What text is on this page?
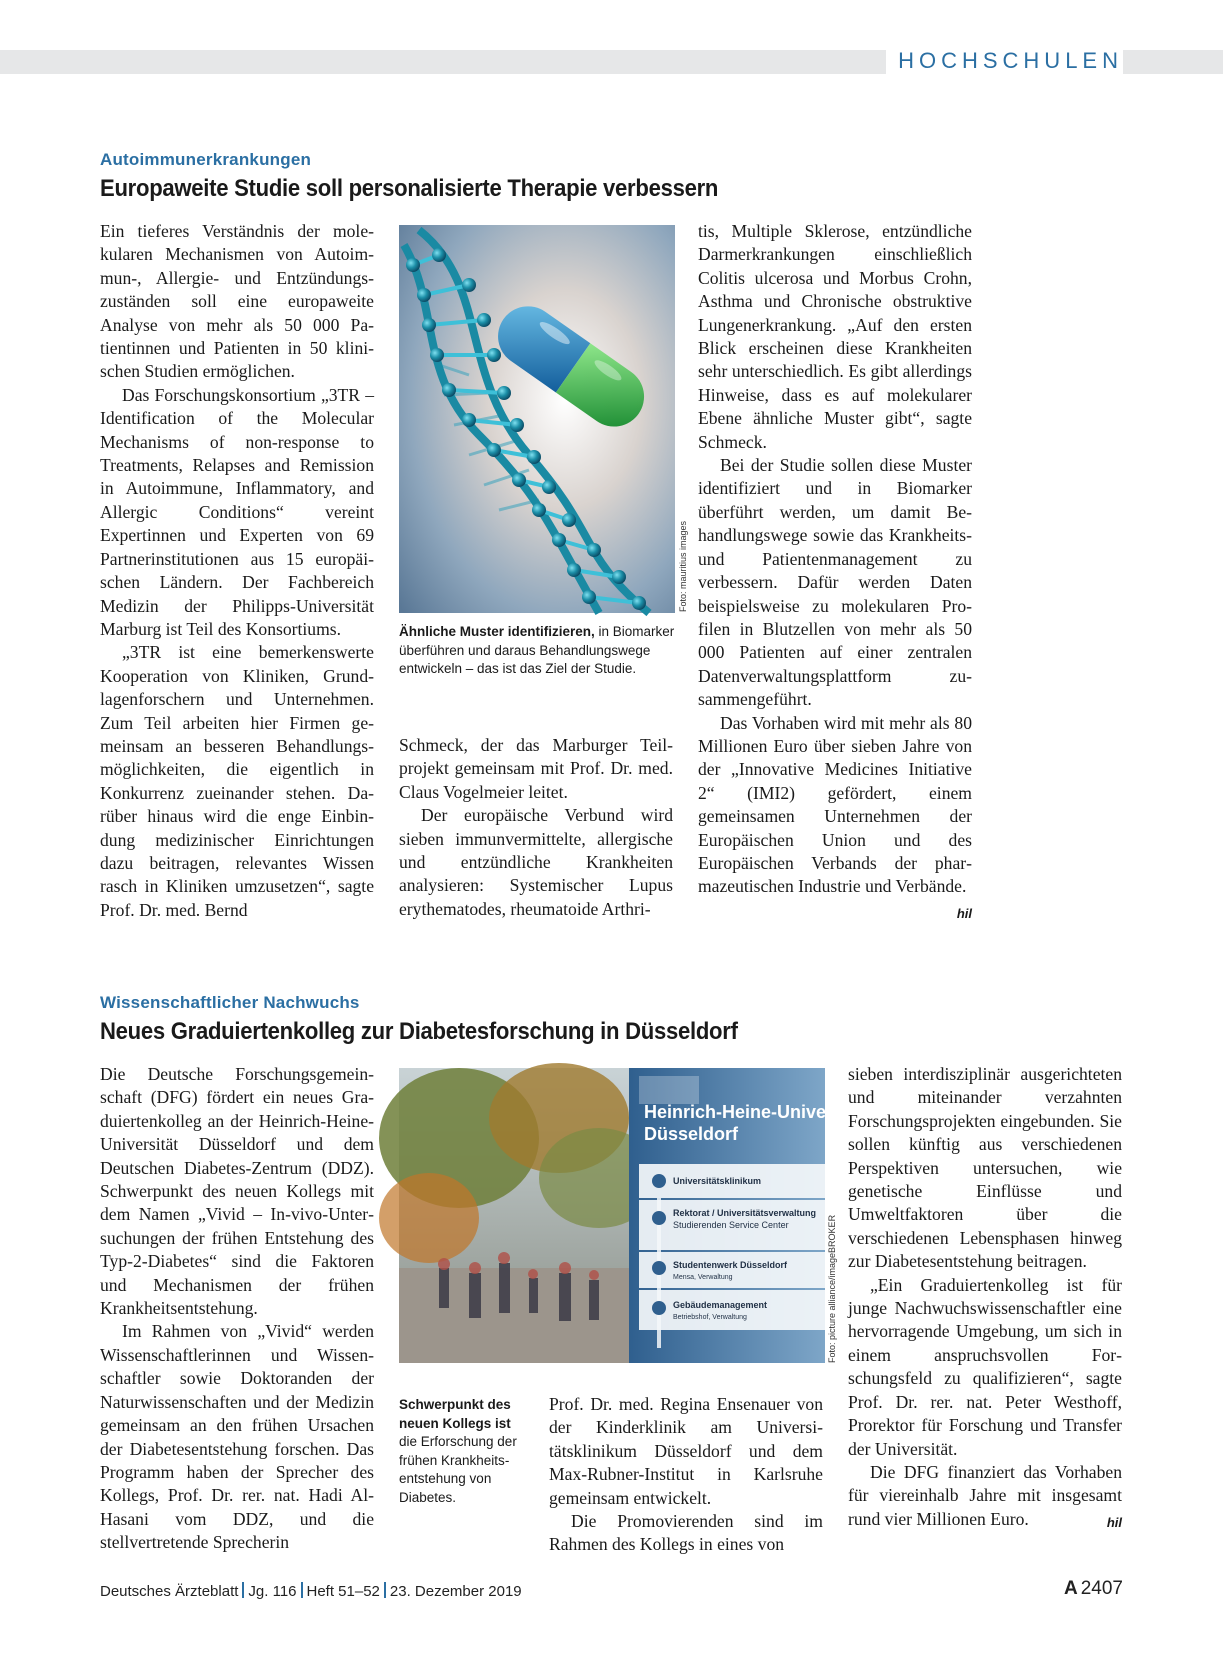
HOCHSCHULEN
Autoimmunerkrankungen
Europaweite Studie soll personalisierte Therapie verbessern

Ein tieferes Verständnis der molekularen Mechanismen von Autoimmun-, Allergie- und Entzündungszuständen soll eine europaweite Analyse von mehr als 50 000 Patientinnen und Patienten in 50 klinischen Studien ermöglichen.

Das Forschungskonsortium „3TR – Identification of the Molecular Mechanisms of non-response to Treatments, Relapses and Remission in Autoimmune, Inflammatory, and Allergic Conditions“ vereint Expertinnen und Experten von 69 Partnerinstitutionen aus 15 europäischen Ländern. Der Fachbereich Medizin der Philipps-Universität Marburg ist Teil des Konsortiums.

„3TR ist eine bemerkenswerte Kooperation von Kliniken, Grundlagenforschern und Unternehmen. Zum Teil arbeiten hier Firmen gemeinsam an besseren Behandlungsmöglichkeiten, die eigentlich in Konkurrenz zueinander stehen. Darüber hinaus wird die enge Einbindung medizinischer Einrichtungen dazu beitragen, relevantes Wissen rasch in Kliniken umzusetzen“, sagte Prof. Dr. med. Bernd

Foto: mauritius images
Ähnliche Muster identifizieren, in Biomarker überführen und daraus Behandlungswege entwickeln – das ist das Ziel der Studie.

Schmeck, der das Marburger Teilprojekt gemeinsam mit Prof. Dr. med. Claus Vogelmeier leitet.

Der europäische Verbund wird sieben immunvermittelte, allergische und entzündliche Krankheiten analysieren: Systemischer Lupus erythematodes, rheumatoide Arthri-

tis, Multiple Sklerose, entzündliche Darmerkrankungen einschließlich Colitis ulcerosa und Morbus Crohn, Asthma und Chronische obstruktive Lungenerkrankung. „Auf den ersten Blick erscheinen diese Krankheiten sehr unterschiedlich. Es gibt allerdings Hinweise, dass es auf molekularer Ebene ähnliche Muster gibt“, sagte Schmeck.

Bei der Studie sollen diese Muster identifiziert und in Biomarker überführt werden, um damit Behandlungswege sowie das Krankheits- und Patientenmanagement zu verbessern. Dafür werden Daten beispielsweise zu molekularen Profilen in Blutzellen von mehr als 50 000 Patienten auf einer zentralen Datenverwaltungsplattform zusammengeführt.

Das Vorhaben wird mit mehr als 80 Millionen Euro über sieben Jahre von der „Innovative Medicines Initiative 2“ (IMI2) gefördert, einem gemeinsamen Unternehmen der Europäischen Union und des Europäischen Verbands der pharmazeutischen Industrie und Verbände.
hil

Wissenschaftlicher Nachwuchs
Neues Graduiertenkolleg zur Diabetesforschung in Düsseldorf

Die Deutsche Forschungsgemeinschaft (DFG) fördert ein neues Graduiertenkolleg an der Heinrich-Heine-Universität Düsseldorf und dem Deutschen Diabetes-Zentrum (DDZ). Schwerpunkt des neuen Kollegs mit dem Namen „Vivid – In-vivo-Untersuchungen der frühen Entstehung des Typ-2-Diabetes“ sind die Faktoren und Mechanismen der frühen Krankheitsentstehung.

Im Rahmen von „Vivid“ werden Wissenschaftlerinnen und Wissenschaftler sowie Doktoranden der Naturwissenschaften und der Medizin gemeinsam an den frühen Ursachen der Diabetesentstehung forschen. Das Programm haben der Sprecher des Kollegs, Prof. Dr. rer. nat. Hadi Al-Hasani vom DDZ, und die stellvertretende Sprecherin

Heinrich-Heine-Universität
Düsseldorf
Universitätsklinikum
Rektorat / Universitätsverwaltung
Studierenden Service Center
Studentenwerk Düsseldorf
Mensa, Verwaltung
Gebäudemanagement
Betriebshof, Verwaltung	Foto: picture alliance/imageBROKER
Schwerpunkt des neuen Kollegs ist die Erforschung der frühen Krankheitsentstehung von Diabetes.

Prof. Dr. med. Regina Ensenauer von der Kinderklinik am Universitätsklinikum Düsseldorf und dem Max-Rubner-Institut in Karlsruhe gemeinsam entwickelt.

Die Promovierenden sind im Rahmen des Kollegs in eines von

sieben interdisziplinär ausgerichteten und miteinander verzahnten Forschungsprojekten eingebunden. Sie sollen künftig aus verschiedenen Perspektiven untersuchen, wie genetische Einflüsse und Umweltfaktoren über die verschiedenen Lebensphasen hinweg zur Diabetesentstehung beitragen.

„Ein Graduiertenkolleg ist für junge Nachwuchswissenschaftler eine hervorragende Umgebung, um sich in einem anspruchsvollen Forschungsfeld zu qualifizieren“, sagte Prof. Dr. rer. nat. Peter Westhoff, Prorektor für Forschung und Transfer der Universität.

Die DFG finanziert das Vorhaben für viereinhalb Jahre mit insgesamt rund vier Millionen Euro.	hil

Deutsches Ärzteblatt Jg. 116 Heft 51–52 23. Dezember 2019	A 2407
